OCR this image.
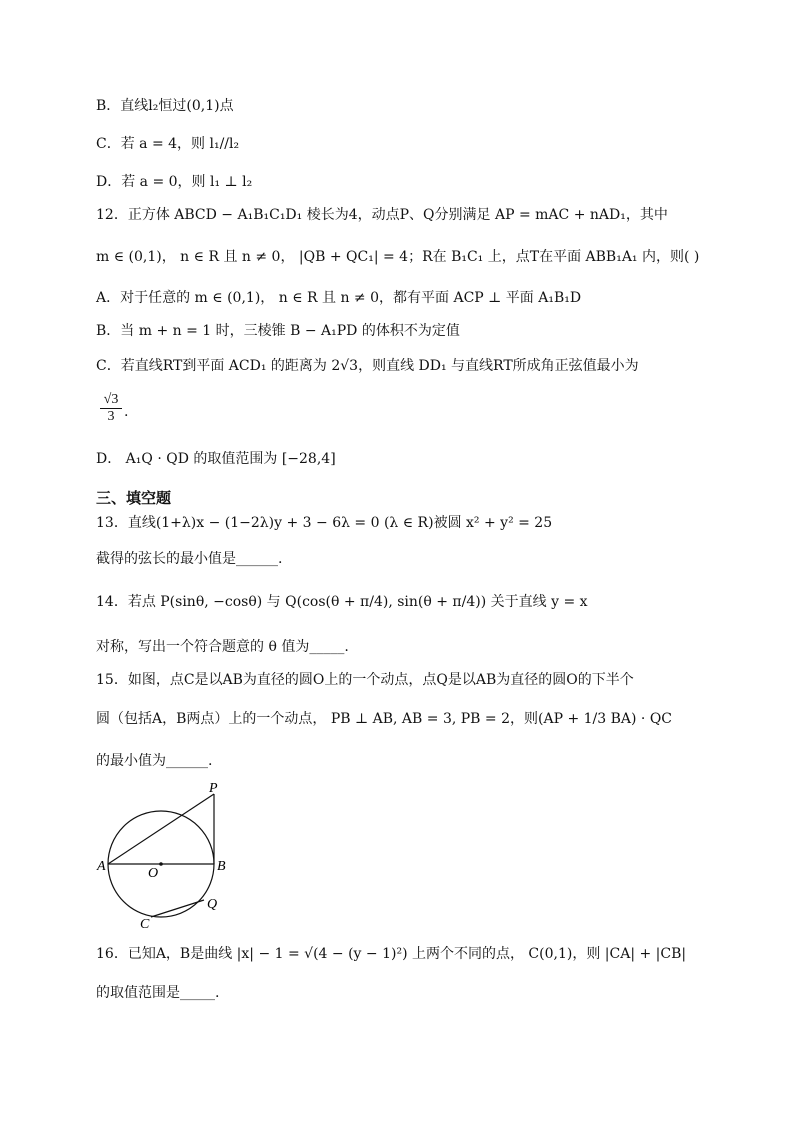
B．直线l₂恒过(0,1)点
C．若 a = 4，则 l₁//l₂
D．若 a = 0，则 l₁ ⊥ l₂
12．正方体 ABCD − A₁B₁C₁D₁ 棱长为4，动点P、Q分别满足 AP = mAC + nAD₁，其中
m ∈ (0,1)， n ∈ R 且 n ≠ 0， |QB + QC₁| = 4；R在 B₁C₁ 上，点T在平面 ABB₁A₁ 内，则( )
A．对于任意的 m ∈ (0,1)， n ∈ R 且 n ≠ 0，都有平面 ACP ⊥ 平面 A₁B₁D
B．当 m + n = 1 时，三棱锥 B − A₁PD 的体积不为定值
C．若直线RT到平面 ACD₁ 的距离为 2√3，则直线 DD₁ 与直线RT所成角正弦值最小为
$\frac{√3}{3}$ .
D． A₁Q · QD 的取值范围为 [−28,4]
三、填空题
13．直线(1+λ)x − (1−2λ)y + 3 − 6λ = 0 (λ ∈ R)被圆 x² + y² = 25
截得的弦长的最小值是______.
14．若点 P(sinθ, −cosθ) 与 Q(cos(θ + π/4), sin(θ + π/4)) 关于直线 y = x
对称，写出一个符合题意的 θ 值为_____.
15．如图，点C是以AB为直径的圆O上的一个动点，点Q是以AB为直径的圆O的下半个
圆（包括A，B两点）上的一个动点， PB ⊥ AB, AB = 3, PB = 2，则(AP + 1/3 BA) · QC
的最小值为______.
P
A	O	B
C
Q
16．已知A，B是曲线 |x| − 1 = √(4 − (y − 1)²) 上两个不同的点， C(0,1)，则 |CA| + |CB|
的取值范围是_____.
